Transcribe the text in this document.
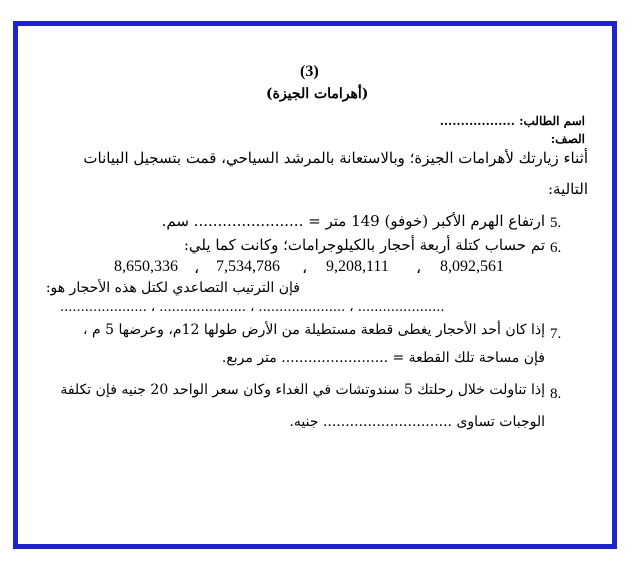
(3)
(أهرامات الجيزة)
اسم الطالب: ..................
الصف:
أثناء زيارتك لأهرامات الجيزة؛ وبالاستعانة بالمرشد السياحي، قمت بتسجيل البيانات
التالية:
5.
ارتفاع الهرم الأكبر (خوفو) 149 متر = ....................... سم.
6.
تم حساب كتلة أربعة أحجار بالكيلوجرامات؛ وكانت كما يلي:
8,092,561
،
9,208,111
،
7,534,786
،
8,650,336
فإن الترتيب التصاعدي لكتل هذه الأحجار هو:
..................... ، ..................... ، ..................... ، .....................
7.
إذا كان أحد الأحجار يغطى قطعة مستطيلة من الأرض طولها 12م، وعرضها 5 م ،
فإن مساحة تلك القطعة = ........................ متر مربع.
8.
إذا تناولت خلال رحلتك 5 سندوتشات في الغداء وكان سعر الواحد 20 جنيه فإن تكلفة
الوجبات تساوى ............................. جنيه.
